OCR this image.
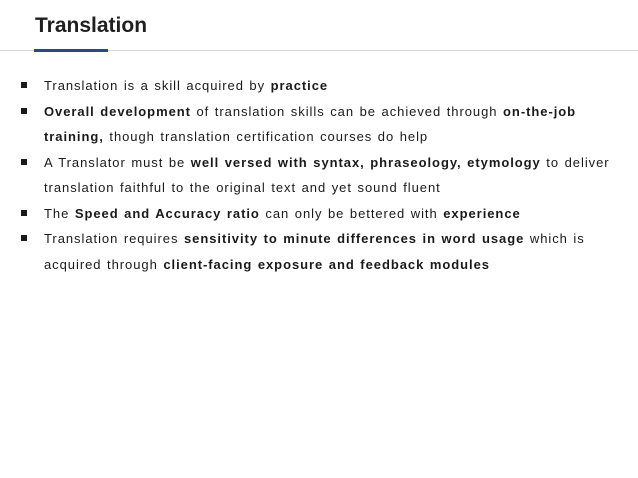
Translation
Translation is a skill acquired by practice
Overall development of translation skills can be achieved through on-the-job training, though translation certification courses do help
A Translator must be well versed with syntax, phraseology, etymology to deliver translation faithful to the original text and yet sound fluent
The Speed and Accuracy ratio can only be bettered with experience
Translation requires sensitivity to minute differences in word usage which is acquired through client-facing exposure and feedback modules
